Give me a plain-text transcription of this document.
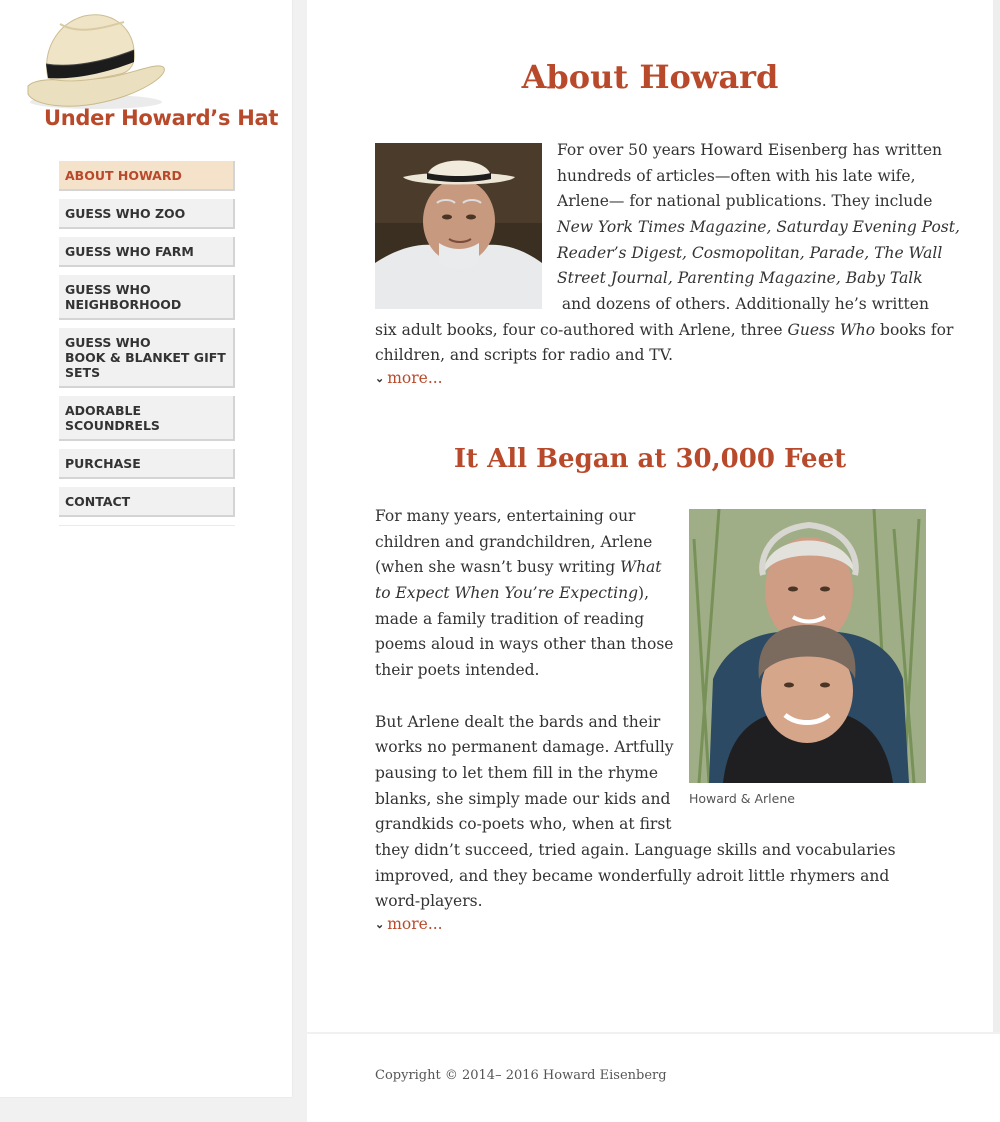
Under Howard’s Hat
ABOUT HOWARD
GUESS WHO ZOO
GUESS WHO FARM
GUESS WHO
NEIGHBORHOOD
GUESS WHO
BOOK & BLANKET GIFT
SETS
ADORABLE SCOUNDRELS
PURCHASE
CONTACT
About Howard

For over 50 years Howard Eisenberg has written

hundreds of articles—often with his late wife,

Arlene— for national publications. They include

New York Times Magazine, Saturday Evening Post,

Reader’s Digest, Cosmopolitan, Parade, The Wall

Street Journal, Parenting Magazine, Baby Talk

and dozens of others. Additionally he’s written

six adult books, four co-authored with Arlene, three Guess Who books for

children, and scripts for radio and TV.

⌄ more...
It All Began at 30,000 Feet

For many years, entertaining our

children and grandchildren, Arlene

(when she wasn’t busy writing What

to Expect When You’re Expecting),

made a family tradition of reading

poems aloud in ways other than those

their poets intended.

But Arlene dealt the bards and their

works no permanent damage. Artfully

pausing to let them fill in the rhyme

blanks, she simply made our kids and

grandkids co-poets who, when at first

they didn’t succeed, tried again. Language skills and vocabularies

improved, and they became wonderfully adroit little rhymers and

word-players.

Howard & Arlene

⌄ more...

Copyright © 2014– 2016 Howard Eisenberg
